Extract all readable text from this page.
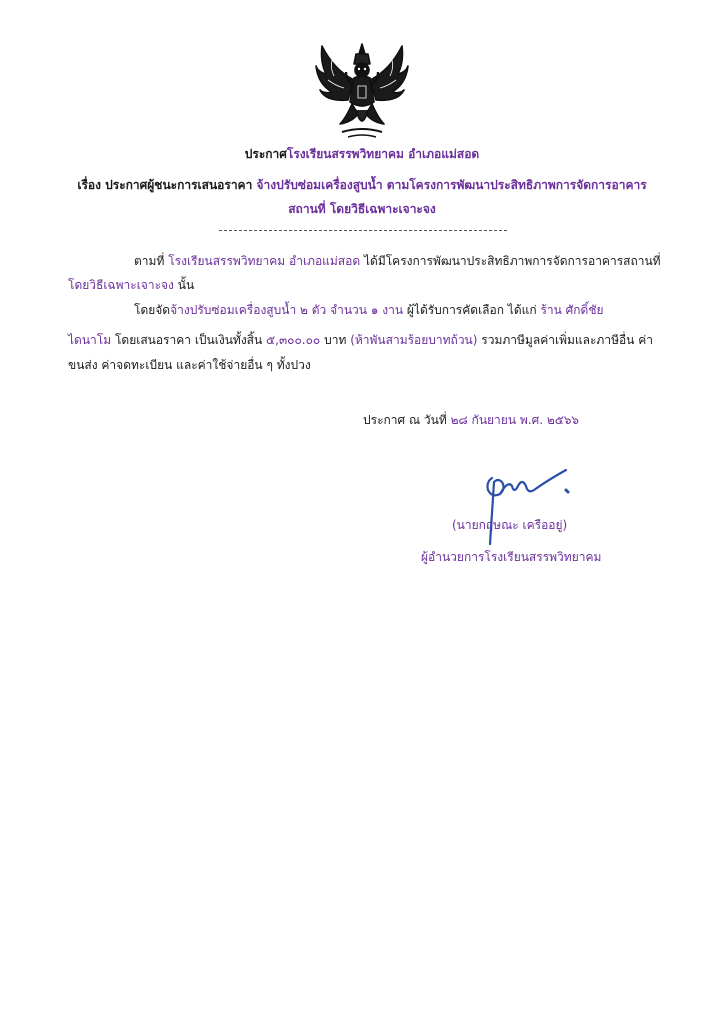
ประกาศโรงเรียนสรรพวิทยาคม อำเภอแม่สอด
เรื่อง ประกาศผู้ชนะการเสนอราคา จ้างปรับซ่อมเครื่องสูบน้ำ ตามโครงการพัฒนาประสิทธิภาพการจัดการอาคาร
สถานที่ โดยวิธีเฉพาะเจาะจง
ตามที่ โรงเรียนสรรพวิทยาคม อำเภอแม่สอด ได้มีโครงการพัฒนาประสิทธิภาพการจัดการอาคารสถานที่
โดยวิธีเฉพาะเจาะจง นั้น
โดยจัดจ้างปรับซ่อมเครื่องสูบน้ำ ๒ ตัว จำนวน ๑ งาน ผู้ได้รับการคัดเลือก ได้แก่ ร้าน ศักดิ์ชัย
ไดนาโม โดยเสนอราคา เป็นเงินทั้งสิ้น ๕,๓๐๐.๐๐ บาท (ห้าพันสามร้อยบาทถ้วน) รวมภาษีมูลค่าเพิ่มและภาษีอื่น ค่า
ขนส่ง ค่าจดทะเบียน และค่าใช้จ่ายอื่น ๆ ทั้งปวง
ประกาศ ณ วันที่ ๒๘ กันยายน พ.ศ. ๒๕๖๖
(นายกฤษณะ เครืออยู่)
ผู้อำนวยการโรงเรียนสรรพวิทยาคม
